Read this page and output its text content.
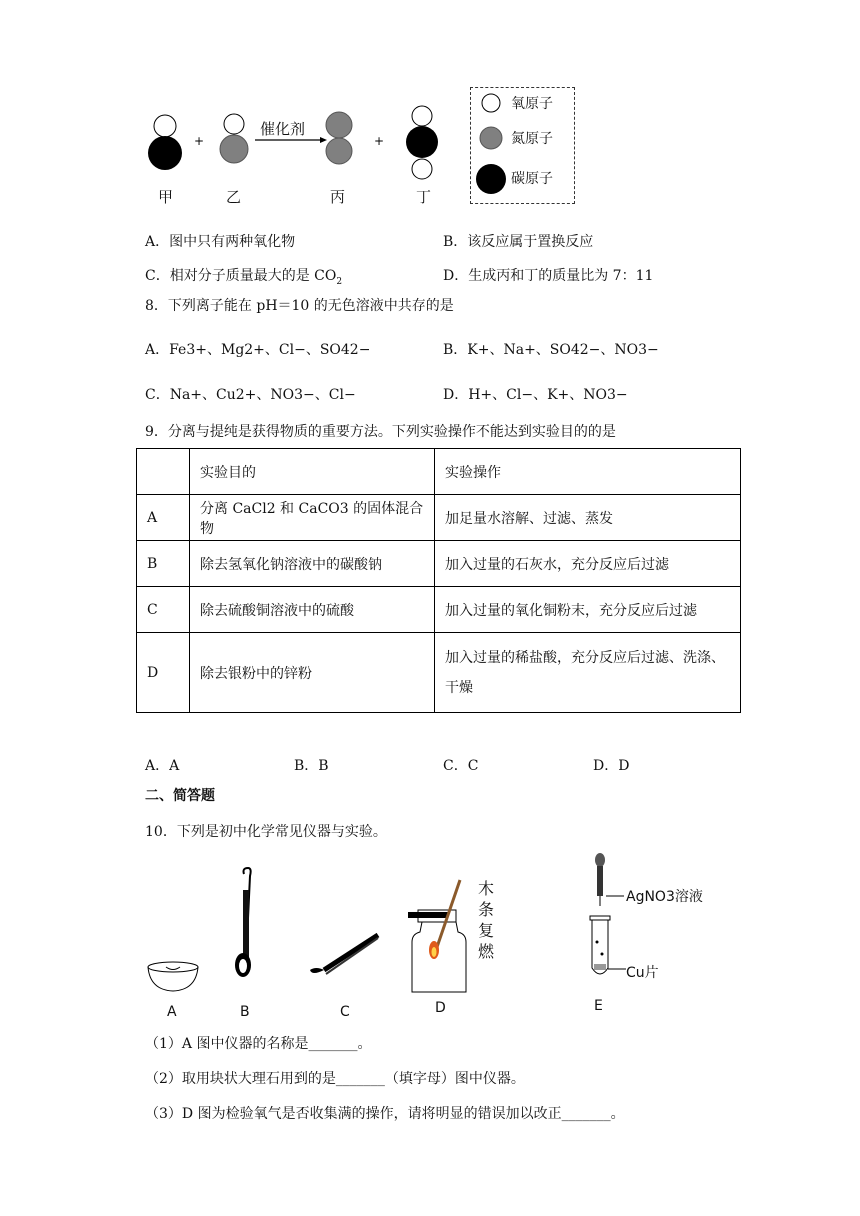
+	+
催化剂
甲	乙	丙	丁
氧原子
氮原子
碳原子
A．图中只有两种氧化物	B．该反应属于置换反应
C．相对分子质量最大的是 $CO_2$	D．生成丙和丁的质量比为 7：11
8．下列离子能在 pH＝10 的无色溶液中共存的是
A．Fe3+、Mg2+、Cl−、SO42−	B．K+、Na+、SO42−、NO3−
C．Na+、Cu2+、NO3−、Cl−	D．H+、Cl−、K+、NO3−
9．分离与提纯是获得物质的重要方法。下列实验操作不能达到实验目的的是
	实验目的	实验操作
A	分离 CaCl2 和 CaCO3 的固体混合物	加足量水溶解、过滤、蒸发
B	除去氢氧化钠溶液中的碳酸钠	加入过量的石灰水，充分反应后过滤
C	除去硫酸铜溶液中的硫酸	加入过量的氧化铜粉末，充分反应后过滤
D	除去银粉中的锌粉	加入过量的稀盐酸，充分反应后过滤、洗涤、干燥
A．A	B．B	C．C	D．D
二、简答题
10．下列是初中化学常见仪器与实验。
A	B	C	D	E
木
条
复
燃
AgNO3溶液
Cu片
（1）A 图中仪器的名称是_______。
（2）取用块状大理石用到的是_______（填字母）图中仪器。
（3）D 图为检验氧气是否收集满的操作，请将明显的错误加以改正_______。
